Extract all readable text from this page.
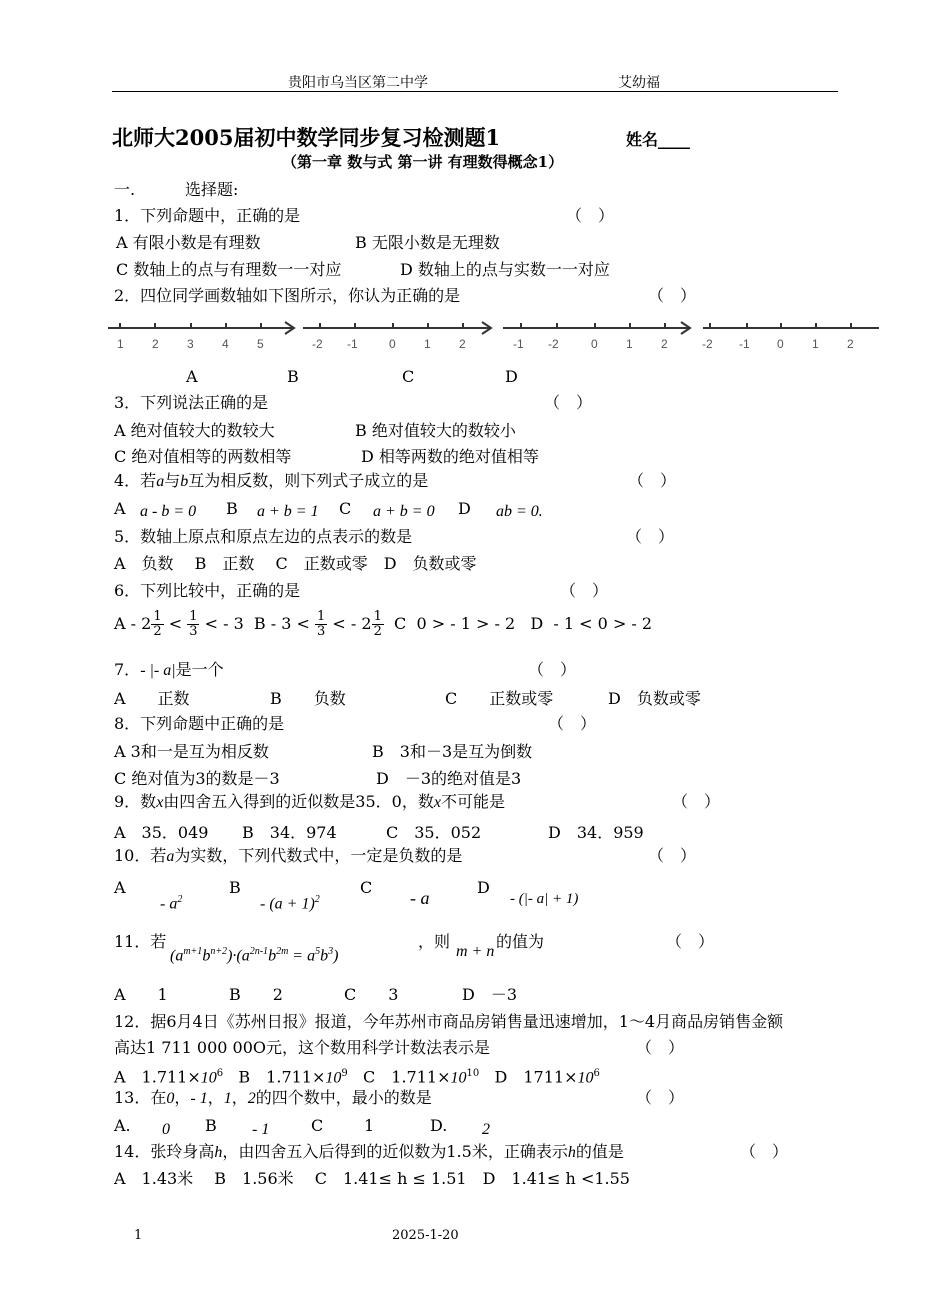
贵阳市乌当区第二中学	艾幼福
北师大2005届初中数学同步复习检测题1	姓名____
（第一章 数与式 第一讲 有理数得概念1）
一.	选择题:
1．下列命题中，正确的是	（　）
A 有限小数是有理数	B 无限小数是无理数
C 数轴上的点与有理数一一对应	D 数轴上的点与实数一一对应
2．四位同学画数轴如下图所示，你认为正确的是	（　）
1 2 3 4 5	-2 -1	0 1 2	-1 -2	0 1 2	-2 -1 0 1 2
A	B	C	D
3．下列说法正确的是	（　）
A 绝对值较大的数较大	B 绝对值较大的数较小
C 绝对值相等的两数相等	D 相等两数的绝对值相等
4．若a与b互为相反数，则下列式子成立的是	（　）
A a - b = 0 B a + b = 1 C a + b = 0 D ab = 0.
5．数轴上原点和原点左边的点表示的数是	（　）
A　负数　 B　正数　 C　正数或零　D　负数或零
6．下列比较中，正确的是	（　）
$A - 2 \frac{1}{2} < \frac{1}{3}$ < - 3 $B - 3 < \frac{1}{3}$ < - $2 \frac{1}{2}$ C 0 > - 1 > - 2 D - 1 < 0 > - 2
7．- |- a|是一个	（　）
A　　正数	B　　负数	C　　正数或零	D　负数或零
8．下列命题中正确的是	（　）
A 3和一是互为相反数	B　3和－3是互为倒数
C 绝对值为3的数是－3	D　－3的绝对值是3
9．数x由四舍五入得到的近似数是35．0，数x不可能是	（　）
A　35．049 B　34．974	C　35．052	D　34．959
10．若a为实数，下列代数式中，一定是负数的是	（　）
A
- $a^2$
B
- $(a + 1)^2$
C
- a
D
- (|- a| + 1)
11．若
$(a^{m+1}b^{n+2})\cdot(a^{2n-1}b^{2m} = a^5b^3)$
，则
m + n
的值为	（　）
A　　1	B　　2	C　　3	D　－3
12．据6月4日《苏州日报》报道，今年苏州市商品房销售量迅速增加，1～4月商品房销售金额
高达1 711 000 00O元，这个数用科学计数法表示是	（　）
A　$1.711\times 10^6$ B　$1.711\times 10^9$ C　$1.711\times 10^{10}$ D　$1711\times 10^6$
13．在0，- 1，1，2的四个数中，最小的数是	（　）
A. 0 B - 1	C	1	D. 2
14．张玲身高h，由四舍五入后得到的近似数为1.5米，正确表示h的值是	（　）
A　1.43米　 B　1.56米　 C　1.41≤ h ≤ 1.51　D　1.41≤ h <1.55
1	2025-1-20
